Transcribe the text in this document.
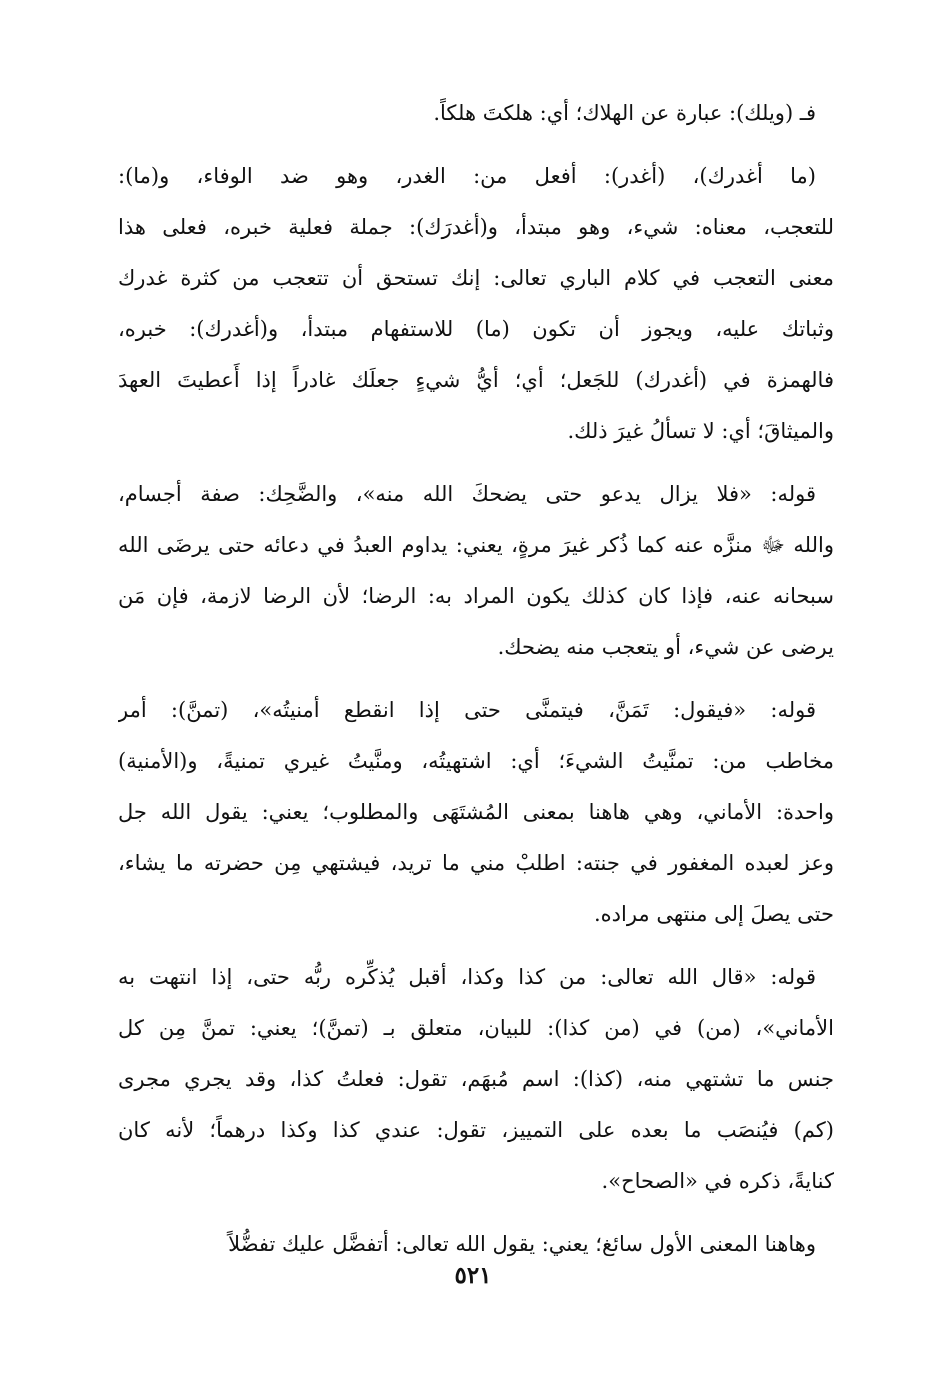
فـ (ويلك): عبارة عن الهلاك؛ أي: هلكتَ هلكاً.
(ما أغدرك)، (أغدر): أفعل من: الغدر، وهو ضد الوفاء، و(ما):
للتعجب، معناه: شيء، وهو مبتدأ، و(أغدرَك): جملة فعلية خبره، فعلى هذا
معنى التعجب في كلام الباري تعالى: إنك تستحق أن تتعجب من كثرة غدرك
وثباتك عليه، ويجوز أن تكون (ما) للاستفهام مبتدأ، و(أغدرك): خبره،
فالهمزة في (أغدرك) للجَعل؛ أي؛ أيُّ شيءٍ جعلَك غادراً إذا أَعطيتَ العهدَ
والميثاقَ؛ أي: لا تسألُ غيرَ ذلك.
قوله: «فلا يزال يدعو حتى يضحكَ الله منه»، والضَّحِك: صفة أجسام،
والله ﷻ منزَّه عنه كما ذُكر غيرَ مرةٍ، يعني: يداوم العبدُ في دعائه حتى يرضَى الله
سبحانه عنه، فإذا كان كذلك يكون المراد به: الرضا؛ لأن الرضا لازمة، فإن مَن
يرضى عن شيء، أو يتعجب منه يضحك.
قوله: «فيقول: تَمَنَّ، فيتمنَّى حتى إذا انقطع أمنيتُه»، (تمنَّ): أمر
مخاطب من: تمنَّيتُ الشيءَ؛ أي: اشتهيتُه، ومنَّيتُ غيري تمنيةً، و(الأمنية)
واحدة: الأماني، وهي هاهنا بمعنى المُشتَهَى والمطلوب؛ يعني: يقول الله جل
وعز لعبده المغفور في جنته: اطلبْ مني ما تريد، فيشتهي مِن حضرته ما يشاء،
حتى يصلَ إلى منتهى مراده.
قوله: «قال الله تعالى: من كذا وكذا، أقبل يُذكِّره ربُّه حتى، إذا انتهت به
الأماني»، (من) في (من كذا): للبيان، متعلق بـ (تمنَّ)؛ يعني: تمنَّ مِن كل
جنس ما تشتهي منه، (كذا): اسم مُبهَم، تقول: فعلتُ كذا، وقد يجري مجرى
(كم) فيُنصَب ما بعده على التمييز، تقول: عندي كذا وكذا درهماً؛ لأنه كان
كنايةً، ذكره في «الصحاح».
وهاهنا المعنى الأول سائغ؛ يعني: يقول الله تعالى: أتفضَّل عليك تفضُّلاً
٥٢١
